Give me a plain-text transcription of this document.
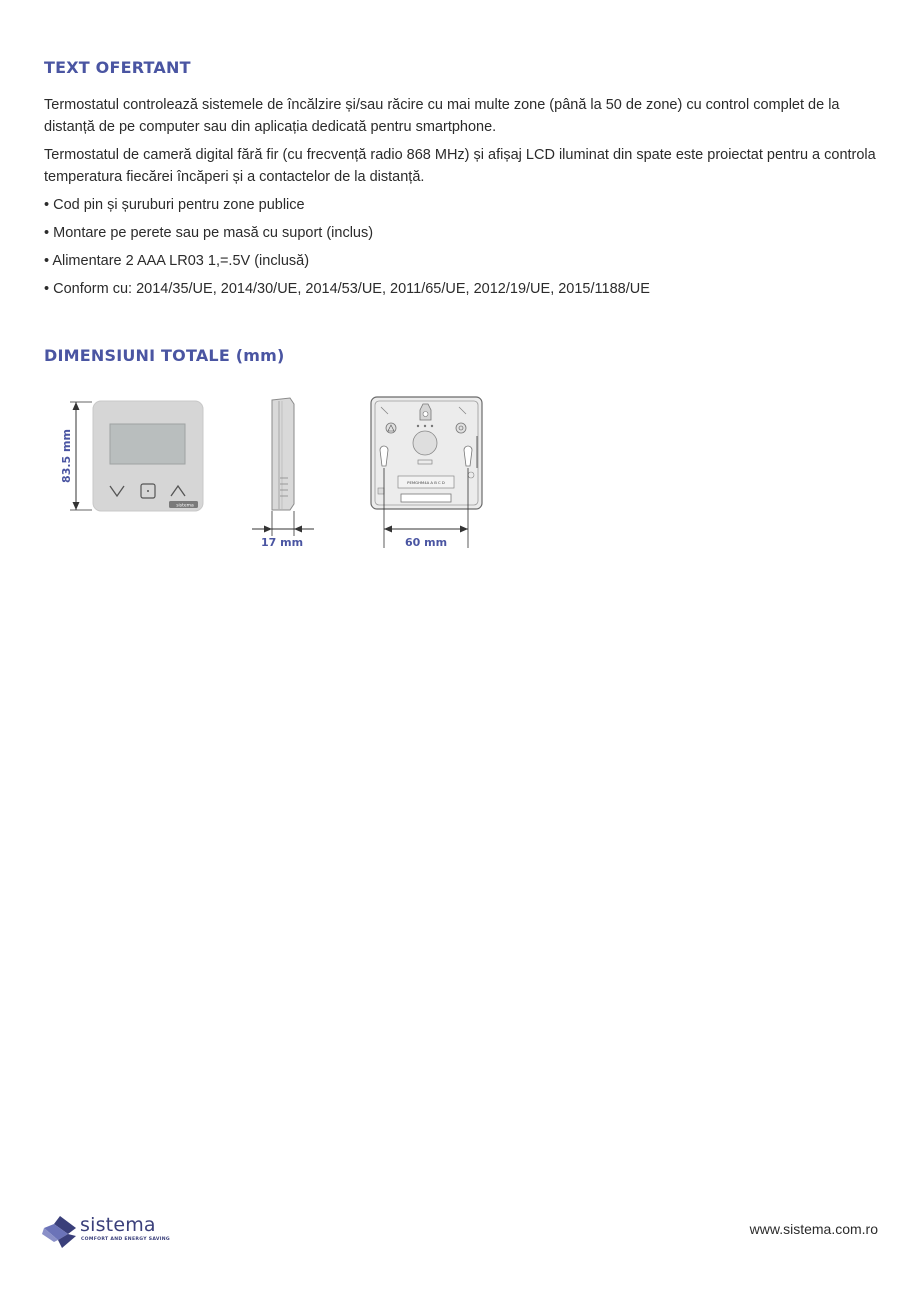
TEXT OFERTANT

Termostatul controlează sistemele de încălzire și/sau răcire cu mai multe zone (până la 50 de zone) cu control complet de la distanță de pe computer sau din aplicația dedicată pentru smartphone.

Termostatul de cameră digital fără fir (cu frecvență radio 868 MHz) și afișaj LCD iluminat din spate este proiectat pentru a controla temperatura fiecărei încăperi și a contactelor de la distanță.

• Cod pin și șuruburi pentru zone publice
• Montare pe perete sau pe masă cu suport (inclus)
• Alimentare 2 AAA LR03 1,=.5V (inclusă)
• Conform cu: 2014/35/UE, 2014/30/UE, 2014/53/UE, 2011/65/UE, 2012/19/UE, 2015/1188/UE
DIMENSIUNI TOTALE (mm)
83.5 mm
sistema
17 mm
PEMGHM4A A B C D
60 mm

sistema

COMFORT AND ENERGY SAVING

www.sistema.com.ro
